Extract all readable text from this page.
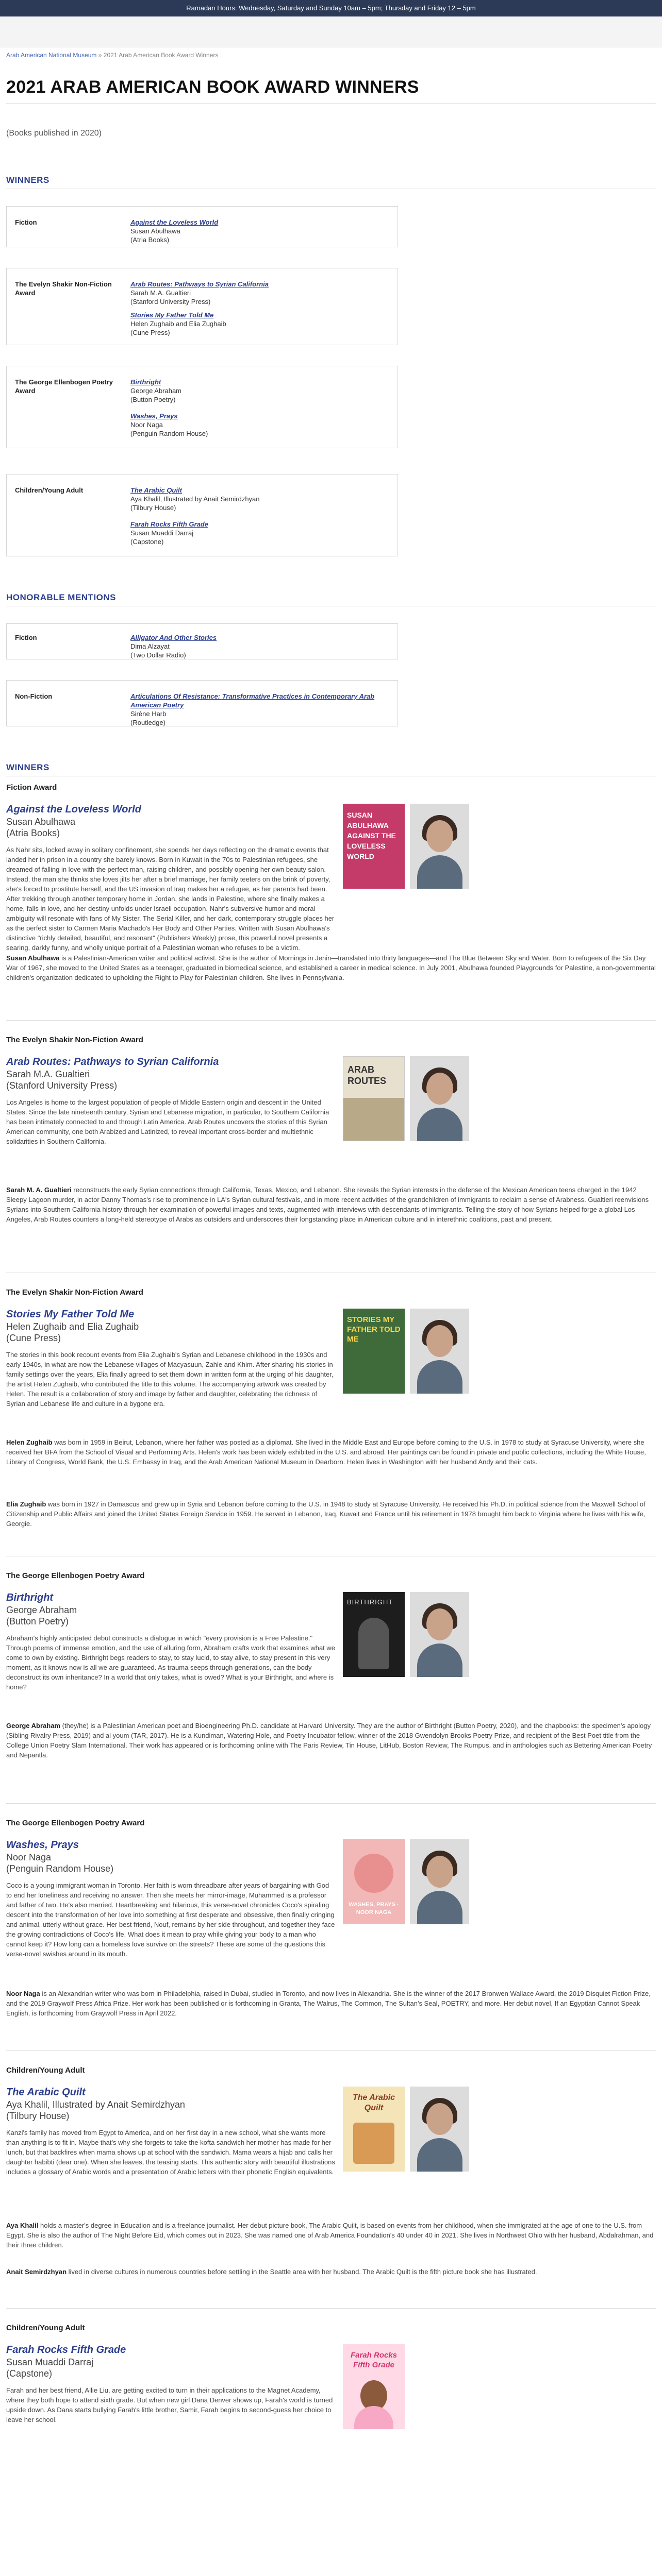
Ramadan Hours: Wednesday, Saturday and Sunday 10am – 5pm; Thursday and Friday 12 – 5pm
Arab American National Museum » 2021 Arab American Book Award Winners
2021 ARAB AMERICAN BOOK AWARD WINNERS
(Books published in 2020)
WINNERS
Fiction	Against the Loveless World
Susan Abulhawa
(Atria Books)
The Evelyn Shakir Non-Fiction Award
Arab Routes: Pathways to Syrian California
Sarah M.A. Gualtieri
(Stanford University Press)
Stories My Father Told Me
Helen Zughaib and Elia Zughaib
(Cune Press)
The George Ellenbogen Poetry Award
Birthright
George Abraham
(Button Poetry)
Washes, Prays
Noor Naga
(Penguin Random House)
Children/Young Adult	The Arabic Quilt
Aya Khalil, Illustrated by Anait Semirdzhyan
(Tilbury House)
Farah Rocks Fifth Grade
Susan Muaddi Darraj
(Capstone)
HONORABLE MENTIONS
Fiction	Alligator And Other Stories
Dima Alzayat
(Two Dollar Radio)
Non-Fiction	Articulations Of Resistance: Transformative Practices in Contemporary Arab American Poetry
Sirène Harb
(Routledge)
WINNERS
Fiction Award
Against the Loveless World
Susan Abulhawa
(Atria Books)
As Nahr sits, locked away in solitary confinement, she spends her days reflecting on the dramatic events that landed her in prison in a country she barely knows. Born in Kuwait in the 70s to Palestinian refugees, she dreamed of falling in love with the perfect man, raising children, and possibly opening her own beauty salon. Instead, the man she thinks she loves jilts her after a brief marriage, her family teeters on the brink of poverty, she's forced to prostitute herself, and the US invasion of Iraq makes her a refugee, as her parents had been. After trekking through another temporary home in Jordan, she lands in Palestine, where she finally makes a home, falls in love, and her destiny unfolds under Israeli occupation. Nahr's subversive humor and moral ambiguity will resonate with fans of My Sister, The Serial Killer, and her dark, contemporary struggle places her as the perfect sister to Carmen Maria Machado's Her Body and Other Parties. Written with Susan Abulhawa's distinctive "richly detailed, beautiful, and resonant" (Publishers Weekly) prose, this powerful novel presents a searing, darkly funny, and wholly unique portrait of a Palestinian woman who refuses to be a victim.
SUSAN ABULHAWA AGAINST THE LOVELESS WORLD
Susan Abulhawa is a Palestinian-American writer and political activist. She is the author of Mornings in Jenin—translated into thirty languages—and The Blue Between Sky and Water. Born to refugees of the Six Day War of 1967, she moved to the United States as a teenager, graduated in biomedical science, and established a career in medical science. In July 2001, Abulhawa founded Playgrounds for Palestine, a non-governmental children's organization dedicated to upholding the Right to Play for Palestinian children. She lives in Pennsylvania.
The Evelyn Shakir Non-Fiction Award
Arab Routes: Pathways to Syrian California
Sarah M.A. Gualtieri
(Stanford University Press)
Los Angeles is home to the largest population of people of Middle Eastern origin and descent in the United States. Since the late nineteenth century, Syrian and Lebanese migration, in particular, to Southern California has been intimately connected to and through Latin America. Arab Routes uncovers the stories of this Syrian American community, one both Arabized and Latinized, to reveal important cross-border and multiethnic solidarities in Southern California.
ARAB ROUTES
Sarah M. A. Gualtieri reconstructs the early Syrian connections through California, Texas, Mexico, and Lebanon. She reveals the Syrian interests in the defense of the Mexican American teens charged in the 1942 Sleepy Lagoon murder, in actor Danny Thomas's rise to prominence in LA's Syrian cultural festivals, and in more recent activities of the grandchildren of immigrants to reclaim a sense of Arabness. Gualtieri reenvisions Syrians into Southern California history through her examination of powerful images and texts, augmented with interviews with descendants of immigrants. Telling the story of how Syrians helped forge a global Los Angeles, Arab Routes counters a long-held stereotype of Arabs as outsiders and underscores their longstanding place in American culture and in interethnic coalitions, past and present.
The Evelyn Shakir Non-Fiction Award
Stories My Father Told Me
Helen Zughaib and Elia Zughaib
(Cune Press)
The stories in this book recount events from Elia Zughaib's Syrian and Lebanese childhood in the 1930s and early 1940s, in what are now the Lebanese villages of Macyasuun, Zahle and Khim. After sharing his stories in family settings over the years, Elia finally agreed to set them down in written form at the urging of his daughter, the artist Helen Zughaib, who contributed the title to this volume. The accompanying artwork was created by Helen. The result is a collaboration of story and image by father and daughter, celebrating the richness of Syrian and Lebanese life and culture in a bygone era.
STORIES MY FATHER TOLD ME
Helen Zughaib was born in 1959 in Beirut, Lebanon, where her father was posted as a diplomat. She lived in the Middle East and Europe before coming to the U.S. in 1978 to study at Syracuse University, where she received her BFA from the School of Visual and Performing Arts. Helen's work has been widely exhibited in the U.S. and abroad. Her paintings can be found in private and public collections, including the White House, Library of Congress, World Bank, the U.S. Embassy in Iraq, and the Arab American National Museum in Dearborn. Helen lives in Washington with her husband Andy and their cats.
Elia Zughaib was born in 1927 in Damascus and grew up in Syria and Lebanon before coming to the U.S. in 1948 to study at Syracuse University. He received his Ph.D. in political science from the Maxwell School of Citizenship and Public Affairs and joined the United States Foreign Service in 1959. He served in Lebanon, Iraq, Kuwait and France until his retirement in 1978 brought him back to Virginia where he lives with his wife, Georgie.
The George Ellenbogen Poetry Award
Birthright
George Abraham
(Button Poetry)
Abraham's highly anticipated debut constructs a dialogue in which "every provision is a Free Palestine." Through poems of immense emotion, and the use of alluring form, Abraham crafts work that examines what we come to own by existing. Birthright begs readers to stay, to stay lucid, to stay alive, to stay present in this very moment, as it knows now is all we are guaranteed. As trauma seeps through generations, can the body deconstruct its own inheritance? In a world that only takes, what is owed? What is your Birthright, and where is home?
BIRTHRIGHT
George Abraham (they/he) is a Palestinian American poet and Bioengineering Ph.D. candidate at Harvard University. They are the author of Birthright (Button Poetry, 2020), and the chapbooks: the specimen's apology (Sibling Rivalry Press, 2019) and al youm (TAR, 2017). He is a Kundiman, Watering Hole, and Poetry Incubator fellow, winner of the 2018 Gwendolyn Brooks Poetry Prize, and recipient of the Best Poet title from the College Union Poetry Slam International. Their work has appeared or is forthcoming online with The Paris Review, Tin House, LitHub, Boston Review, The Rumpus, and in anthologies such as Bettering American Poetry and Nepantla.
The George Ellenbogen Poetry Award
Washes, Prays
Noor Naga
(Penguin Random House)
Coco is a young immigrant woman in Toronto. Her faith is worn threadbare after years of bargaining with God to end her loneliness and receiving no answer. Then she meets her mirror-image, Muhammed is a professor and father of two. He's also married. Heartbreaking and hilarious, this verse-novel chronicles Coco's spiraling descent into the transformation of her love into something at first desperate and obsessive, then finally cringing and animal, utterly without grace. Her best friend, Nouf, remains by her side throughout, and together they face the growing contradictions of Coco's life. What does it mean to pray while giving your body to a man who cannot keep it? How long can a homeless love survive on the streets? These are some of the questions this verse-novel swishes around in its mouth.
WASHES, PRAYS · NOOR NAGA
Noor Naga is an Alexandrian writer who was born in Philadelphia, raised in Dubai, studied in Toronto, and now lives in Alexandria. She is the winner of the 2017 Bronwen Wallace Award, the 2019 Disquiet Fiction Prize, and the 2019 Graywolf Press Africa Prize. Her work has been published or is forthcoming in Granta, The Walrus, The Common, The Sultan's Seal, POETRY, and more. Her debut novel, If an Egyptian Cannot Speak English, is forthcoming from Graywolf Press in April 2022.
Children/Young Adult
The Arabic Quilt
Aya Khalil, Illustrated by Anait Semirdzhyan
(Tilbury House)
Kanzi's family has moved from Egypt to America, and on her first day in a new school, what she wants more than anything is to fit in. Maybe that's why she forgets to take the kofta sandwich her mother has made for her lunch, but that backfires when mama shows up at school with the sandwich. Mama wears a hijab and calls her daughter habibti (dear one). When she leaves, the teasing starts. This authentic story with beautiful illustrations includes a glossary of Arabic words and a presentation of Arabic letters with their phonetic English equivalents.
The Arabic Quilt
Aya Khalil holds a master's degree in Education and is a freelance journalist. Her debut picture book, The Arabic Quilt, is based on events from her childhood, when she immigrated at the age of one to the U.S. from Egypt. She is also the author of The Night Before Eid, which comes out in 2023. She was named one of Arab America Foundation's 40 under 40 in 2021. She lives in Northwest Ohio with her husband, Abdalrahman, and their three children.
Anait Semirdzhyan lived in diverse cultures in numerous countries before settling in the Seattle area with her husband. The Arabic Quilt is the fifth picture book she has illustrated.
Children/Young Adult
Farah Rocks Fifth Grade
Susan Muaddi Darraj
(Capstone)
Farah and her best friend, Allie Liu, are getting excited to turn in their applications to the Magnet Academy, where they both hope to attend sixth grade. But when new girl Dana Denver shows up, Farah's world is turned upside down. As Dana starts bullying Farah's little brother, Samir, Farah begins to second-guess her choice to leave her school.
Farah Rocks Fifth Grade
